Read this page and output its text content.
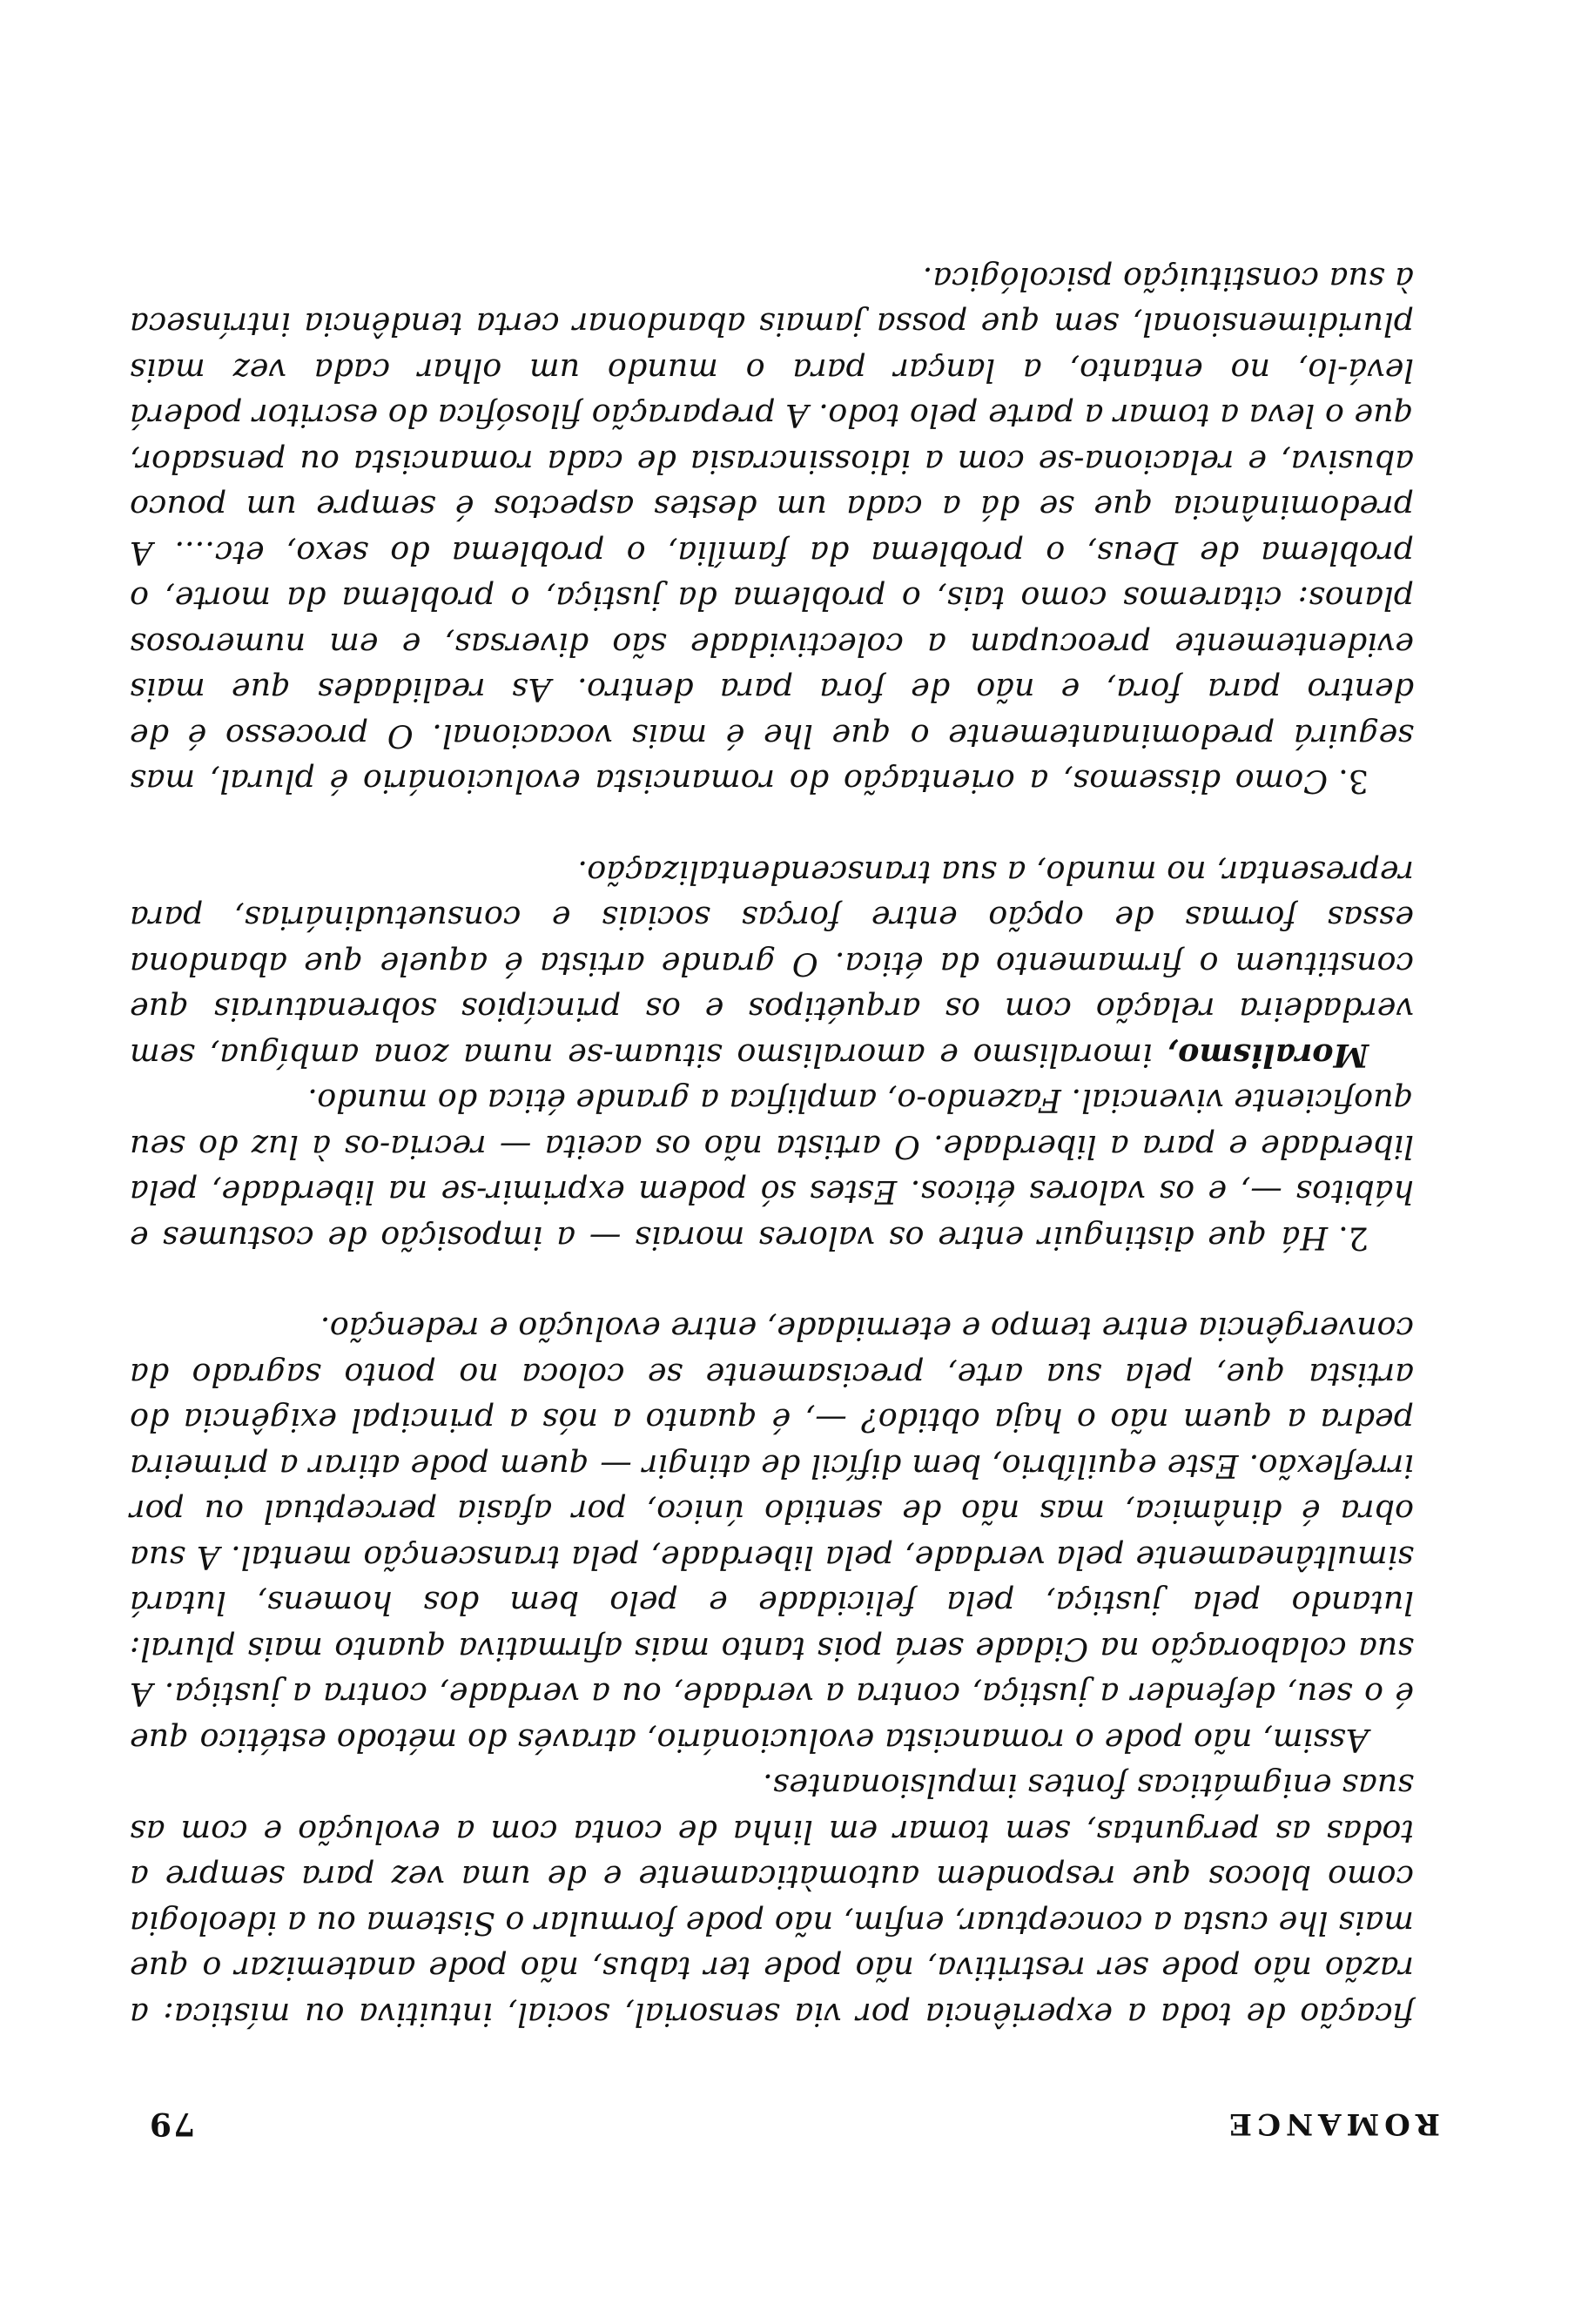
ROMANCE
79

ficação de toda a experiência por via sensorial, social, intuitiva ou mística: a razão não pode ser restritiva, não pode ter tabus, não pode anatemizar o que mais lhe custa a conceptuar, enfim, não pode formular o Sistema ou a ideologia como blocos que respondem automàticamente e de uma vez para sempre a todas as perguntas, sem tomar em linha de conta com a evolução e com as suas enigmáticas fontes impulsionantes.

Assim, não pode o romancista evolucionário, através do método estético que é o seu, defender a justiça, contra a verdade, ou a verdade, contra a justiça. A sua colaboração na Cidade será pois tanto mais afirmativa quanto mais plural: lutando pela justiça, pela felicidade e pelo bem dos homens, lutará simultâneamente pela verdade, pela liberdade, pela transcenção mental. A sua obra é dinâmica, mas não de sentido único, por afasia perceptual ou por irreflexão. Este equilíbrio, bem difícil de atingir — quem pode atirar a primeira pedra a quem não o haja obtido? —, é quanto a nós a principal exigência do artista que, pela sua arte, precisamente se coloca no ponto sagrado da convergência entre tempo e eternidade, entre evolução e redenção.

2.Há que distinguir entre os valores morais — a imposição de costumes e hábitos —, e os valores éticos. Estes só podem exprimir-se na liberdade, pela liberdade e para a liberdade. O artista não os aceita — recria-os à luz do seu quoficiente vivencial. Fazendo-o, amplifica a grande ética do mundo.

Moralismo, imoralismo e amoralismo situam-se numa zona ambígua, sem verdadeira relação com os arquétipos e os princípios sobrenaturais que constituem o firmamento da ética. O grande artista é aquele que abandona essas formas de opção entre forças sociais e consuetudinárias, para representar, no mundo, a sua transcendentalização.

3.Como dissemos, a orientação do romancista evolucionário é plural, mas seguirá predominantemente o que lhe é mais vocacional. O processo é de dentro para fora, e não de fora para dentro. As realidades que mais evidentemente preocupam a colectividade são diversas, e em numerosos planos: citaremos como tais, o problema da justiça, o problema da morte, o problema de Deus, o problema da família, o problema do sexo, etc.... A predominância que se dá a cada um destes aspectos é sempre um pouco abusiva, e relaciona-se com a idiossincrasia de cada romancista ou pensador, que o leva a tomar a parte pelo todo. A preparação filosófica do escritor poderá levá-lo, no entanto, a lançar para o mundo um olhar cada vez mais pluridimensional, sem que possa jamais abandonar certa tendência intrínseca à sua constituição psicológica.
